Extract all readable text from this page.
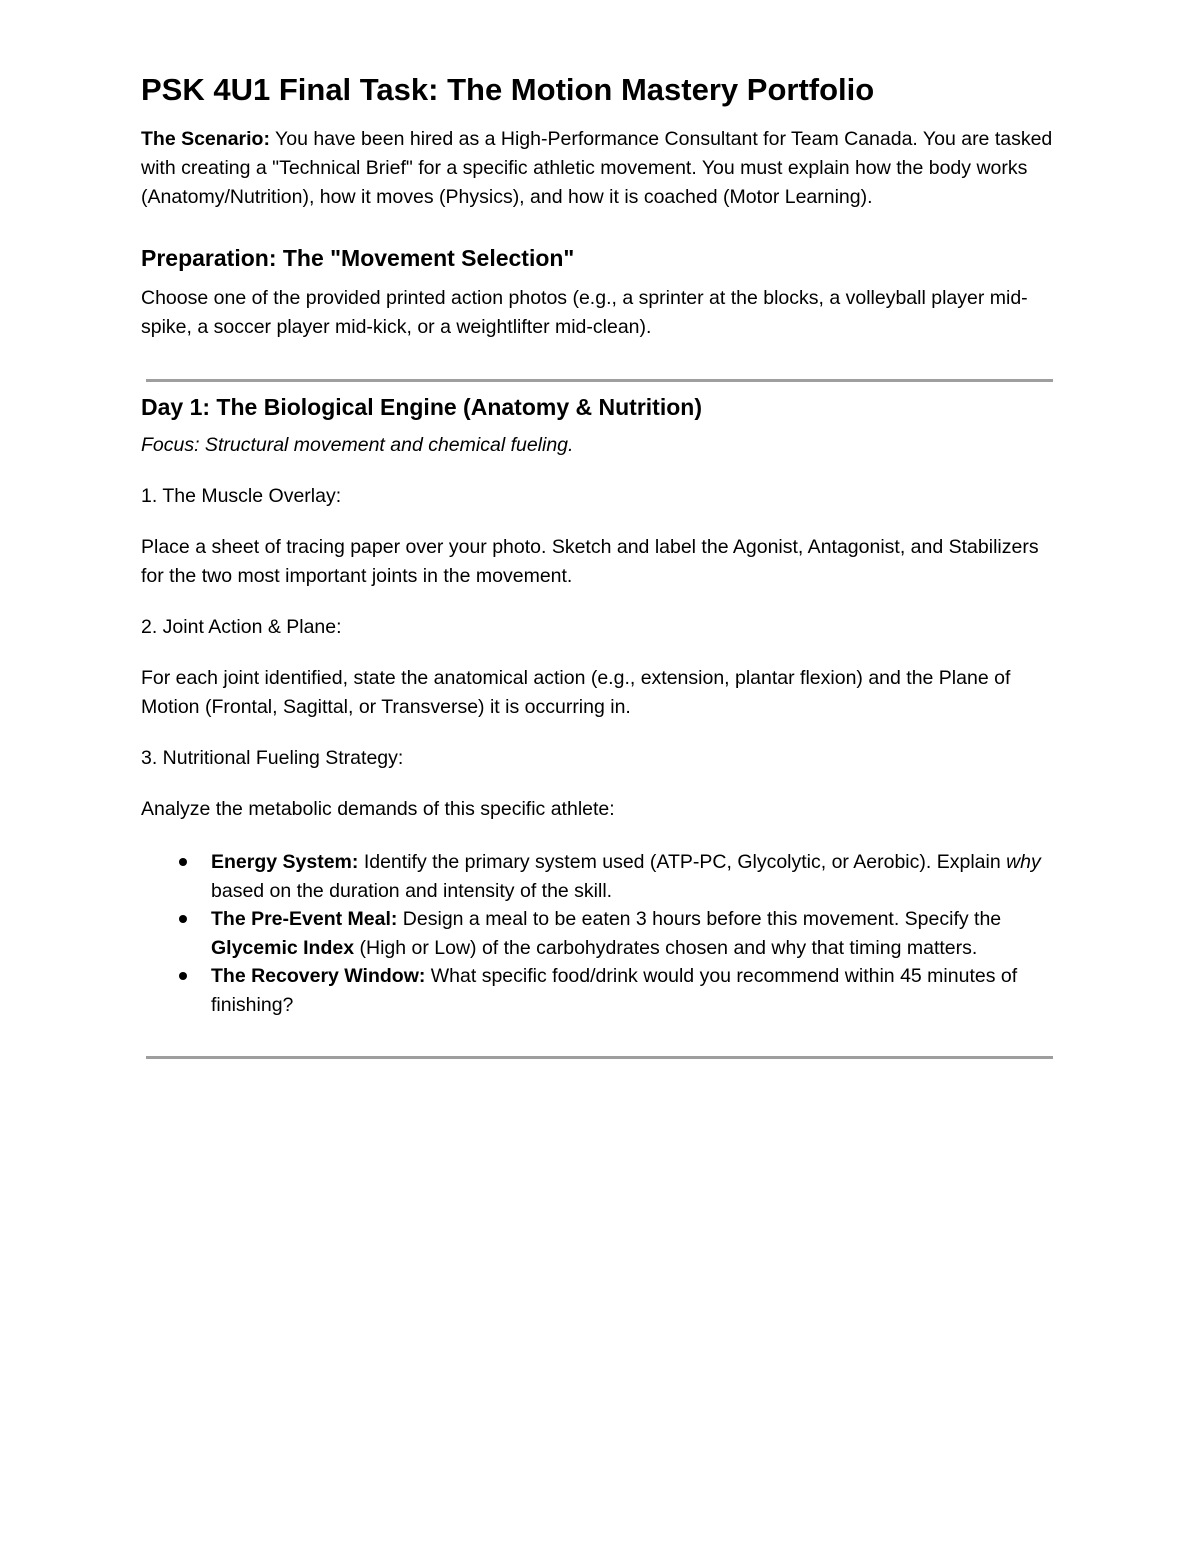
PSK 4U1 Final Task: The Motion Mastery Portfolio

The Scenario: You have been hired as a High-Performance Consultant for Team Canada. You are tasked with creating a "Technical Brief" for a specific athletic movement. You must explain how the body works (Anatomy/Nutrition), how it moves (Physics), and how it is coached (Motor Learning).

Preparation: The "Movement Selection"

Choose one of the provided printed action photos (e.g., a sprinter at the blocks, a volleyball player mid-spike, a soccer player mid-kick, or a weightlifter mid-clean).

Day 1: The Biological Engine (Anatomy & Nutrition)

Focus: Structural movement and chemical fueling.

1. The Muscle Overlay:

Place a sheet of tracing paper over your photo. Sketch and label the Agonist, Antagonist, and Stabilizers for the two most important joints in the movement.

2. Joint Action & Plane:

For each joint identified, state the anatomical action (e.g., extension, plantar flexion) and the Plane of Motion (Frontal, Sagittal, or Transverse) it is occurring in.

3. Nutritional Fueling Strategy:

Analyze the metabolic demands of this specific athlete:

Energy System: Identify the primary system used (ATP-PC, Glycolytic, or Aerobic). Explain why based on the duration and intensity of the skill.
The Pre-Event Meal: Design a meal to be eaten 3 hours before this movement. Specify the Glycemic Index (High or Low) of the carbohydrates chosen and why that timing matters.
The Recovery Window: What specific food/drink would you recommend within 45 minutes of finishing?
